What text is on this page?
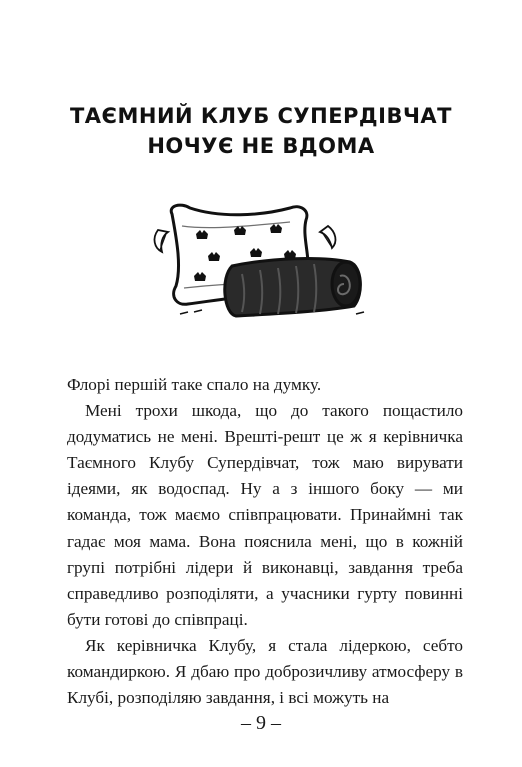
ТАЄМНИЙ КЛУБ СУПЕРДІВЧАТ
НОЧУЄ НЕ ВДОМА

Флорі першій таке спало на думку.

Мені трохи шкода, що до такого пощастило додуматись не мені. Врешті-решт це ж я керівничка Таємного Клубу Супердівчат, тож маю вирувати ідеями, як водоспад. Ну а з іншого боку — ми команда, тож маємо співпрацювати. Принаймні так гадає моя мама. Вона пояснила мені, що в кожній групі потрібні лідери й виконавці, завдання треба справедливо розподіляти, а учасники гурту повинні бути готові до співпраці.

Як керівничка Клубу, я стала лідеркою, себто командиркою. Я дбаю про доброзичливу атмосферу в Клубі, розподіляю завдання, і всі можуть на

– 9 –
